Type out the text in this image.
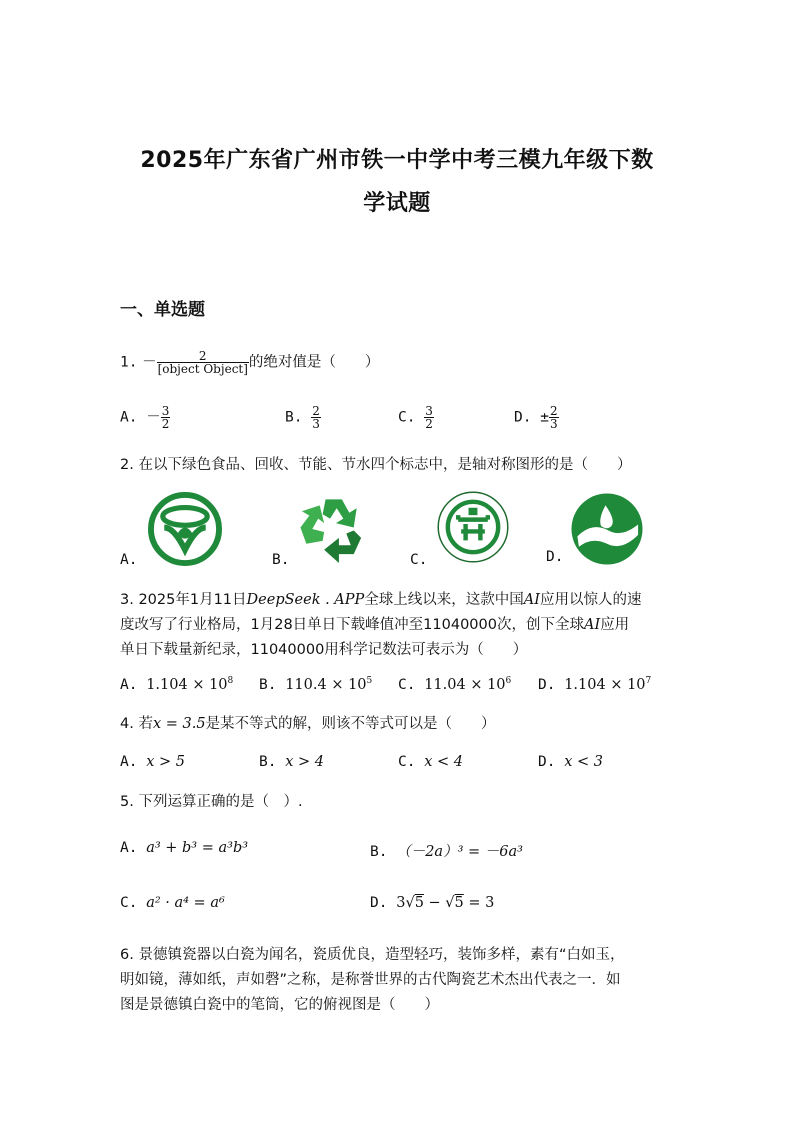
2025年广东省广州市铁一中学中考三模九年级下数
学试题
一、单选题
1. － $\frac{2}{\text{[object Object]}}$ 的绝对值是（　　）
A. － $\frac{3}{2}$	B. $\frac{2}{3}$	C. $\frac{3}{2}$	D. ± $\frac{2}{3}$
2. 在以下绿色食品、回收、节能、节水四个标志中，是轴对称图形的是（　　）
A.	B.	C.	D.
3. 2025年1月11日DeepSeek . APP全球上线以来，这款中国AI应用以惊人的速
度改写了行业格局，1月28日单日下载峰值冲至11040000次，创下全球AI应用
单日下载量新纪录，11040000用科学记数法可表示为（　　）
A. $1.104 \times 10^8$ B. $110.4 \times 10^5$ C. $11.04 \times 10^6$ D. $1.104 \times 10^7$
4. 若x = 3.5是某不等式的解，则该不等式可以是（　　）
A. x > 5	B. x > 4	C. x < 4	D. x < 3
5. 下列运算正确的是（　）.
A. a³ + b³ = a³b³	B. （－2a）³ = －6a³
C. a² · a⁴ = a⁶	D. 3√5 − √5 = 3
6. 景德镇瓷器以白瓷为闻名，瓷质优良，造型轻巧，装饰多样，素有“白如玉，
明如镜，薄如纸，声如磬”之称，是称誉世界的古代陶瓷艺术杰出代表之一．如
图是景德镇白瓷中的笔筒，它的俯视图是（　　）
